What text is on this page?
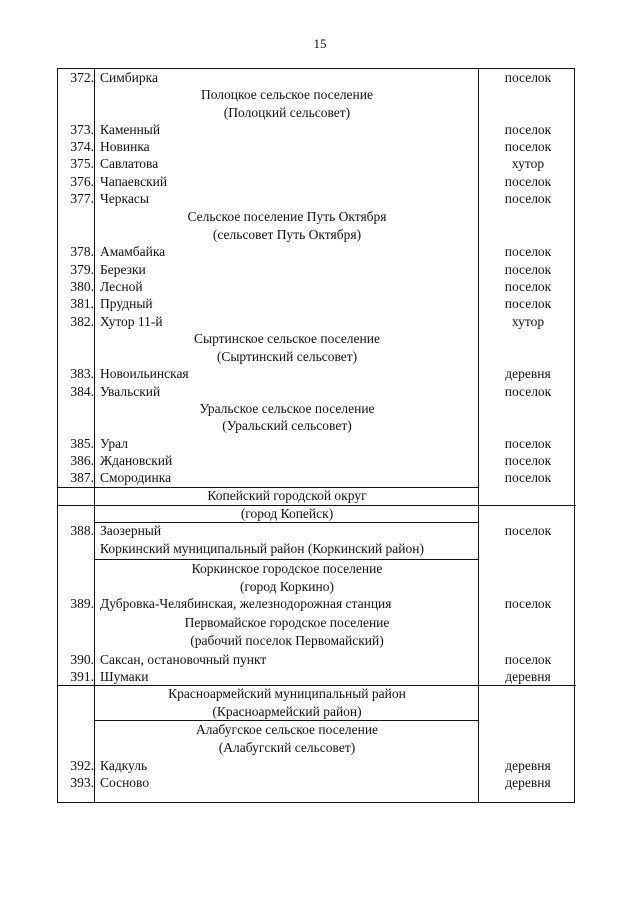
15
372. Симбирка	поселок
Полоцкое сельское поселение
(Полоцкий сельсовет)
373. Каменный	поселок
374. Новинка	поселок
375. Савлатова	хутор
376. Чапаевский	поселок
377. Черкасы	поселок
Сельское поселение Путь Октября
(сельсовет Путь Октября)
378. Амамбайка	поселок
379. Березки	поселок
380. Лесной	поселок
381. Прудный	поселок
382. Хутор 11-й	хутор
Сыртинское сельское поселение
(Сыртинский сельсовет)
383. Новоильинская	деревня
384. Увальский	поселок
Уральское сельское поселение
(Уральский сельсовет)
385. Урал	поселок
386. Ждановский	поселок
387. Смородинка	поселок
Копейский городской округ
(город Копейск)
388. Заозерный	поселок
Коркинский муниципальный район (Коркинский район)
Коркинское городское поселение
(город Коркино)
389. Дубровка-Челябинская, железнодорожная станция	поселок
Первомайское городское поселение
(рабочий поселок Первомайский)
390. Саксан, остановочный пункт	поселок
391. Шумаки	деревня
Красноармейский муниципальный район
(Красноармейский район)
Алабугское сельское поселение
(Алабугский сельсовет)
392. Кадкуль	деревня
393. Сосново	деревня
